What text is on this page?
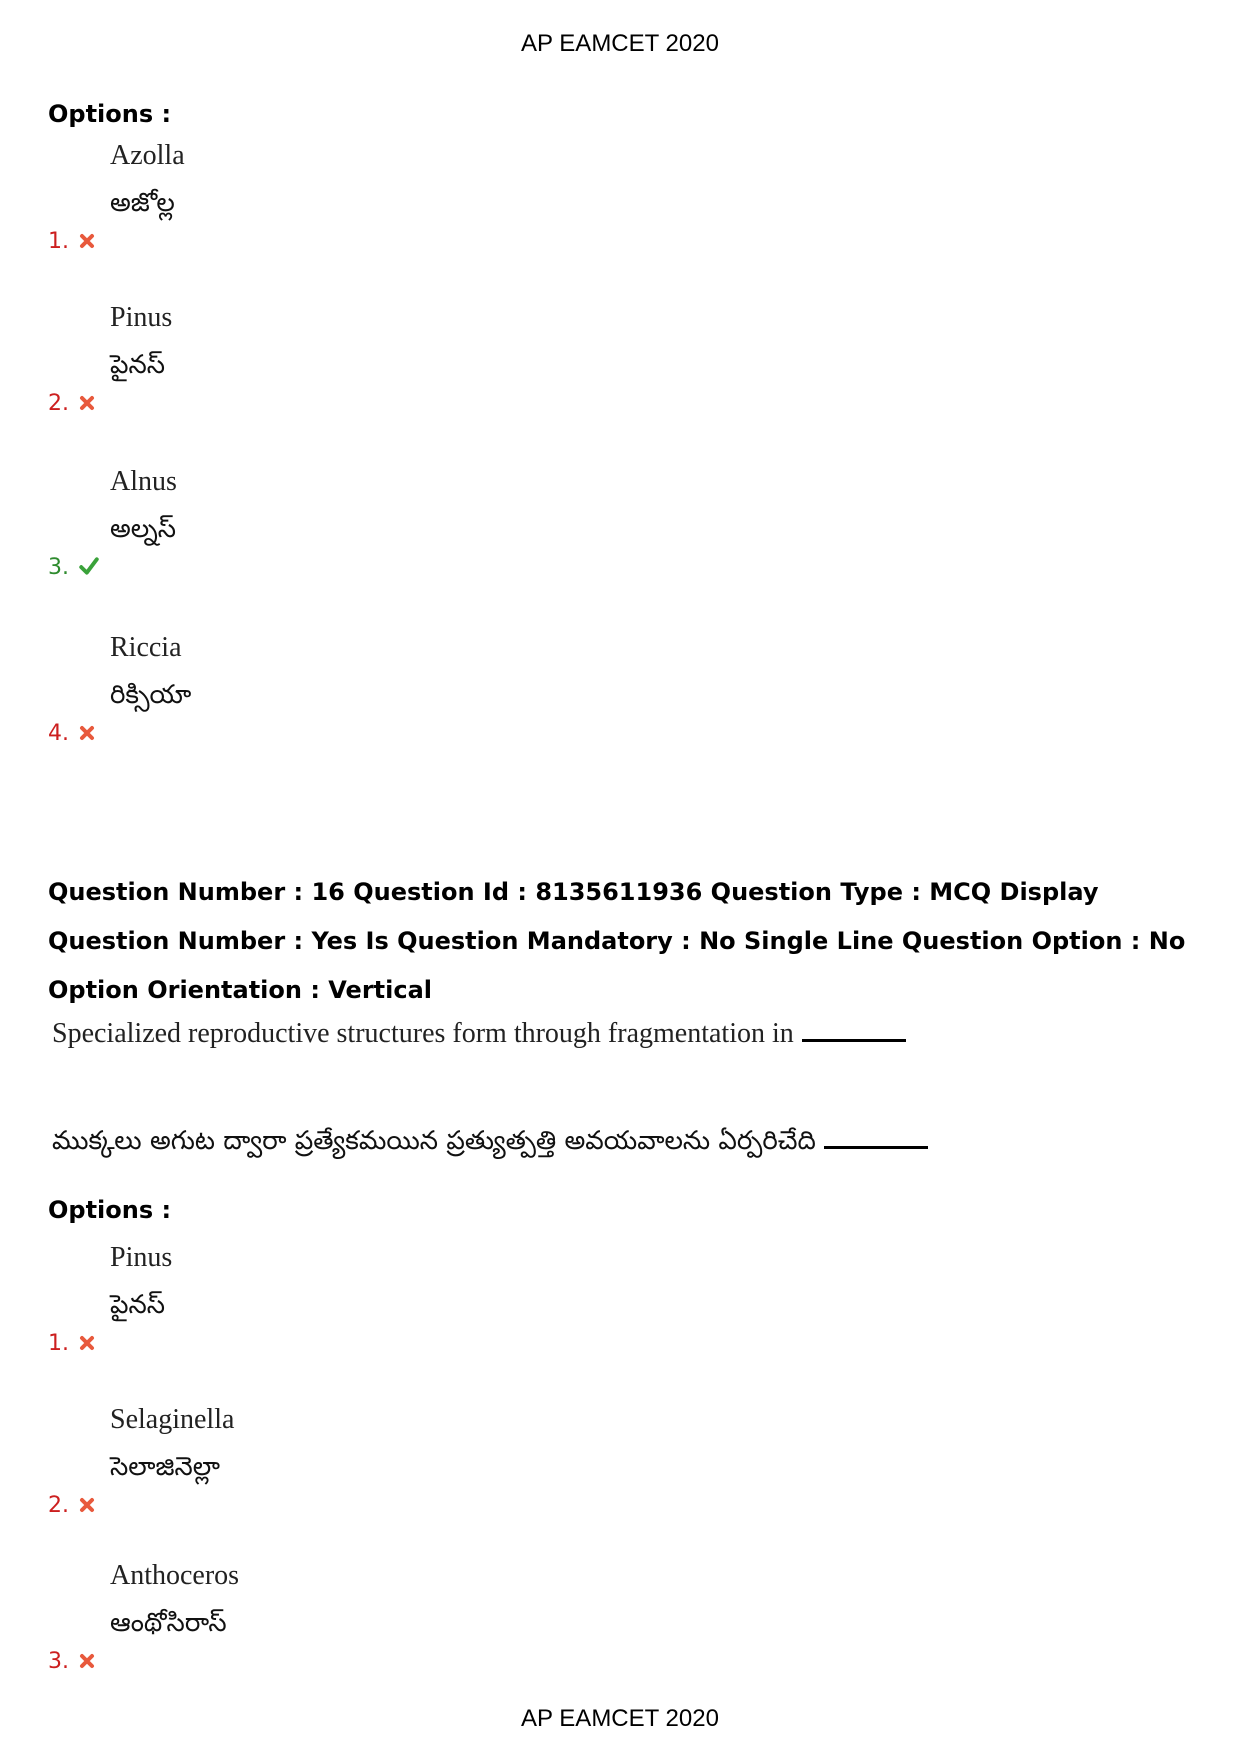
AP EAMCET 2020
Options :
1.
Azolla
అజోల్ల
2.
Pinus
పైనస్
3.
Alnus
అల్నస్
4.
Riccia
రిక్సియా
Question Number : 16 Question Id : 8135611936 Question Type : MCQ Display Question Number : Yes Is Question Mandatory : No Single Line Question Option : No Option Orientation : Vertical
Specialized reproductive structures form through fragmentation in
ముక్కలు అగుట ద్వారా ప్రత్యేకమయిన ప్రత్యుత్పత్తి అవయవాలను ఏర్పరిచేది
Options :
1.
Pinus
పైనస్
2.
Selaginella
సెలాజినెల్లా
3.
Anthoceros
ఆంథోసిరాస్
AP EAMCET 2020
